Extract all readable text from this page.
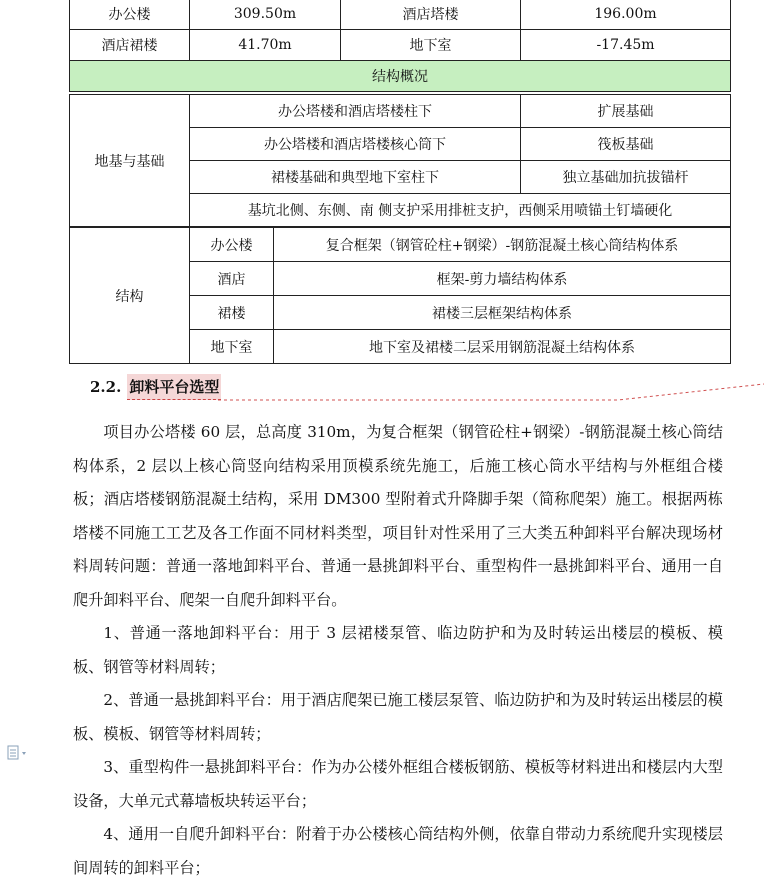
办公楼	309.50m	酒店塔楼	196.00m
酒店裙楼	41.70m	地下室	-17.45m
结构概况			
地基与基础	办公塔楼和酒店塔楼柱下	扩展基础
	办公塔楼和酒店塔楼核心筒下	筏板基础
	裙楼基础和典型地下室柱下	独立基础加抗拔锚杆
	基坑北侧、东侧、南 侧支护采用排桩支护，西侧采用喷锚土钉墙硬化	
结构	办公楼	复合框架（钢管砼柱+钢梁）-钢筋混凝土核心筒结构体系
	酒店	框架-剪力墙结构体系
	裙楼	裙楼三层框架结构体系
	地下室	地下室及裙楼二层采用钢筋混凝土结构体系
2.2. 卸料平台选型

项目办公塔楼 60 层，总高度 310m，为复合框架（钢管砼柱+钢梁）-钢筋混凝土核心筒结构体系，2 层以上核心筒竖向结构采用顶模系统先施工，后施工核心筒水平结构与外框组合楼板；酒店塔楼钢筋混凝土结构，采用 DM300 型附着式升降脚手架（简称爬架）施工。根据两栋塔楼不同施工工艺及各工作面不同材料类型，项目针对性采用了三大类五种卸料平台解决现场材料周转问题：普通一落地卸料平台、普通一悬挑卸料平台、重型构件一悬挑卸料平台、通用一自爬升卸料平台、爬架一自爬升卸料平台。

1、普通一落地卸料平台：用于 3 层裙楼泵管、临边防护和为及时转运出楼层的模板、模板、钢管等材料周转；

2、普通一悬挑卸料平台：用于酒店爬架已施工楼层泵管、临边防护和为及时转运出楼层的模板、模板、钢管等材料周转；

3、重型构件一悬挑卸料平台：作为办公楼外框组合楼板钢筋、模板等材料进出和楼层内大型设备，大单元式幕墙板块转运平台；

4、通用一自爬升卸料平台：附着于办公楼核心筒结构外侧，依靠自带动力系统爬升实现楼层间周转的卸料平台；
